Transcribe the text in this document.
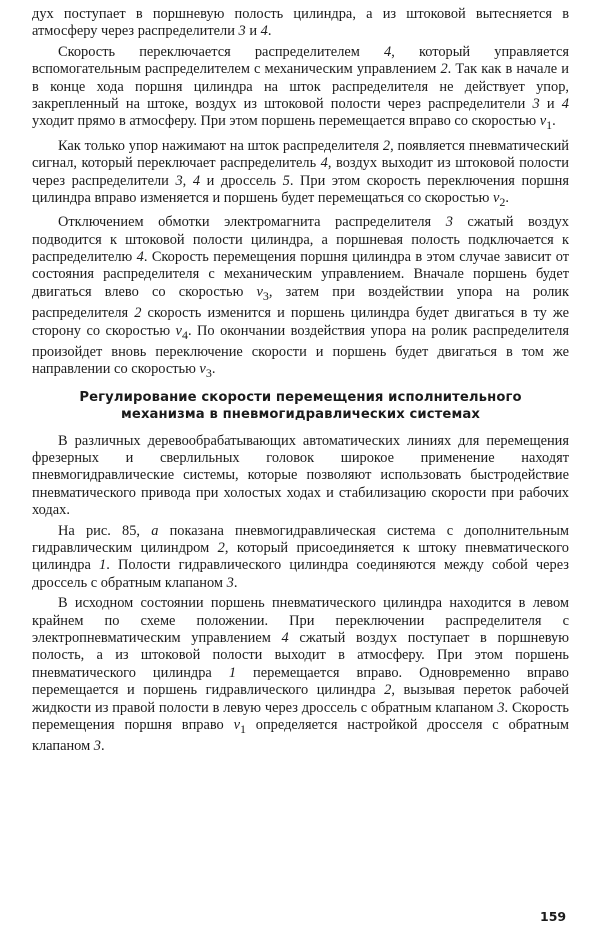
дух поступает в поршневую полость цилиндра, а из штоковой вытесняется в атмосферу через распределители 3 и 4.

Скорость переключается распределителем 4, который управляется вспомогательным распределителем с механическим управлением 2. Так как в начале и в конце хода поршня цилиндра на шток распределителя не действует упор, закрепленный на штоке, воздух из штоковой полости через распределители 3 и 4 уходит прямо в атмосферу. При этом поршень перемещается вправо со скоростью $v_1$.

Как только упор нажимают на шток распределителя 2, появляется пневматический сигнал, который переключает распределитель 4, воздух выходит из штоковой полости через распределители 3, 4 и дроссель 5. При этом скорость переключения поршня цилиндра вправо изменяется и поршень будет перемещаться со скоростью $v_2$.

Отключением обмотки электромагнита распределителя 3 сжатый воздух подводится к штоковой полости цилиндра, а поршневая полость подключается к распределителю 4. Скорость перемещения поршня цилиндра в этом случае зависит от состояния распределителя с механическим управлением. Вначале поршень будет двигаться влево со скоростью $v_3$, затем при воздействии упора на ролик распределителя 2 скорость изменится и поршень цилиндра будет двигаться в ту же сторону со скоростью $v_4$. По окончании воздействия упора на ролик распределителя произойдет вновь переключение скорости и поршень будет двигаться в том же направлении со скоростью $v_3$.

Регулирование скорости перемещения исполнительного
механизма в пневмогидравлических системах

В различных деревообрабатывающих автоматических линиях для перемещения фрезерных и сверлильных головок широкое применение находят пневмогидравлические системы, которые позволяют использовать быстродействие пневматического привода при холостых ходах и стабилизацию скорости при рабочих ходах.

На рис. 85, а показана пневмогидравлическая система с дополнительным гидравлическим цилиндром 2, который присоединяется к штоку пневматического цилиндра 1. Полости гидравлического цилиндра соединяются между собой через дроссель с обратным клапаном 3.

В исходном состоянии поршень пневматического цилиндра находится в левом крайнем по схеме положении. При переключении распределителя с электропневматическим управлением 4 сжатый воздух поступает в поршневую полость, а из штоковой полости выходит в атмосферу. При этом поршень пневматического цилиндра 1 перемещается вправо. Одновременно вправо перемещается и поршень гидравлического цилиндра 2, вызывая переток рабочей жидкости из правой полости в левую через дроссель с обратным клапаном 3. Скорость перемещения поршня вправо $v_1$ определяется настройкой дросселя с обратным клапаном 3.

159
